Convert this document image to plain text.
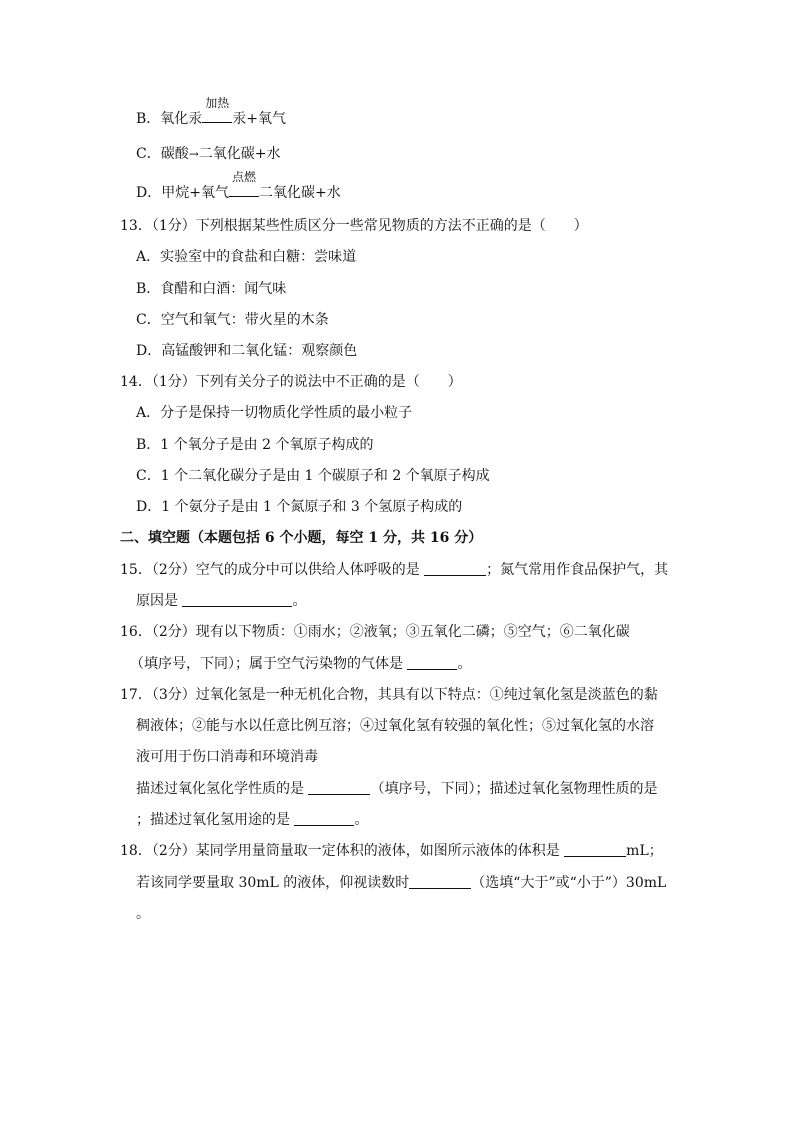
B．氧化汞
加热
汞+氧气
C．碳酸→二氧化碳+水
D．甲烷+氧气
点燃
二氧化碳+水
13．（1分）下列根据某些性质区分一些常见物质的方法不正确的是（　　）
A．实验室中的食盐和白糖：尝味道
B．食醋和白酒：闻气味
C．空气和氧气：带火星的木条
D．高锰酸钾和二氧化锰：观察颜色
14．（1分）下列有关分子的说法中不正确的是（　　）
A．分子是保持一切物质化学性质的最小粒子
B．1 个氧分子是由 2 个氧原子构成的
C．1 个二氧化碳分子是由 1 个碳原子和 2 个氧原子构成
D．1 个氨分子是由 1 个氮原子和 3 个氢原子构成的
二、填空题（本题包括 6 个小题，每空 1 分，共 16 分）
15．（2分）空气的成分中可以供给人体呼吸的是	；氮气常用作食品保护气，其
原因是	。
16．（2分）现有以下物质：①雨水；②液氧；③五氧化二磷；⑤空气；⑥二氧化碳
（填序号，下同）；属于空气污染物的气体是	。
17．（3分）过氧化氢是一种无机化合物，其具有以下特点：①纯过氧化氢是淡蓝色的黏
稠液体；②能与水以任意比例互溶；④过氧化氢有较强的氧化性；⑤过氧化氢的水溶
液可用于伤口消毒和环境消毒
描述过氧化氢化学性质的是	（填序号，下同）；描述过氧化氢物理性质的是
；描述过氧化氢用途的是	。
18．（2分）某同学用量筒量取一定体积的液体，如图所示液体的体积是	mL；
若该同学要量取 30mL 的液体，仰视读数时	（选填“大于”或“小于”）30mL
。
